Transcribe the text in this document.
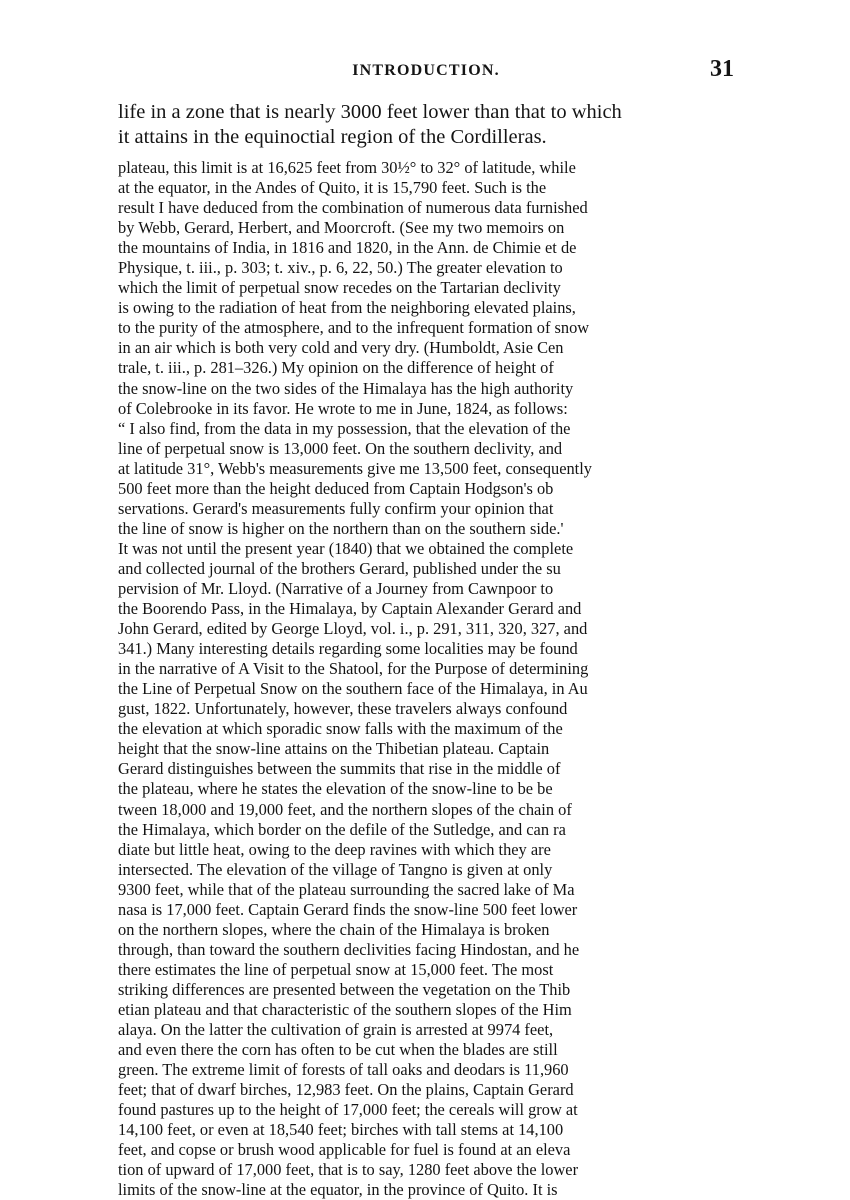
INTRODUCTION.	31
life in a zone that is nearly 3000 feet lower than that to which
it attains in the equinoctial region of the Cordilleras.
plateau, this limit is at 16,625 feet from 30½° to 32° of latitude, while
at the equator, in the Andes of Quito, it is 15,790 feet. Such is the
result I have deduced from the combination of numerous data furnished
by Webb, Gerard, Herbert, and Moorcroft. (See my two memoirs on
the mountains of India, in 1816 and 1820, in the Ann. de Chimie et de
Physique, t. iii., p. 303; t. xiv., p. 6, 22, 50.) The greater elevation to
which the limit of perpetual snow recedes on the Tartarian declivity
is owing to the radiation of heat from the neighboring elevated plains,
to the purity of the atmosphere, and to the infrequent formation of snow
in an air which is both very cold and very dry. (Humboldt, Asie Cen
trale, t. iii., p. 281–326.) My opinion on the difference of height of
the snow-line on the two sides of the Himalaya has the high authority
of Colebrooke in its favor. He wrote to me in June, 1824, as follows:
“ I also find, from the data in my possession, that the elevation of the
line of perpetual snow is 13,000 feet. On the southern declivity, and
at latitude 31°, Webb's measurements give me 13,500 feet, consequently
500 feet more than the height deduced from Captain Hodgson's ob
servations. Gerard's measurements fully confirm your opinion that
the line of snow is higher on the northern than on the southern side.'
It was not until the present year (1840) that we obtained the complete
and collected journal of the brothers Gerard, published under the su
pervision of Mr. Lloyd. (Narrative of a Journey from Cawnpoor to
the Boorendo Pass, in the Himalaya, by Captain Alexander Gerard and
John Gerard, edited by George Lloyd, vol. i., p. 291, 311, 320, 327, and
341.) Many interesting details regarding some localities may be found
in the narrative of A Visit to the Shatool, for the Purpose of determining
the Line of Perpetual Snow on the southern face of the Himalaya, in Au
gust, 1822. Unfortunately, however, these travelers always confound
the elevation at which sporadic snow falls with the maximum of the
height that the snow-line attains on the Thibetian plateau. Captain
Gerard distinguishes between the summits that rise in the middle of
the plateau, where he states the elevation of the snow-line to be be
tween 18,000 and 19,000 feet, and the northern slopes of the chain of
the Himalaya, which border on the defile of the Sutledge, and can ra
diate but little heat, owing to the deep ravines with which they are
intersected. The elevation of the village of Tangno is given at only
9300 feet, while that of the plateau surrounding the sacred lake of Ma
nasa is 17,000 feet. Captain Gerard finds the snow-line 500 feet lower
on the northern slopes, where the chain of the Himalaya is broken
through, than toward the southern declivities facing Hindostan, and he
there estimates the line of perpetual snow at 15,000 feet. The most
striking differences are presented between the vegetation on the Thib
etian plateau and that characteristic of the southern slopes of the Him
alaya. On the latter the cultivation of grain is arrested at 9974 feet,
and even there the corn has often to be cut when the blades are still
green. The extreme limit of forests of tall oaks and deodars is 11,960
feet; that of dwarf birches, 12,983 feet. On the plains, Captain Gerard
found pastures up to the height of 17,000 feet; the cereals will grow at
14,100 feet, or even at 18,540 feet; birches with tall stems at 14,100
feet, and copse or brush wood applicable for fuel is found at an eleva
tion of upward of 17,000 feet, that is to say, 1280 feet above the lower
limits of the snow-line at the equator, in the province of Quito. It is
